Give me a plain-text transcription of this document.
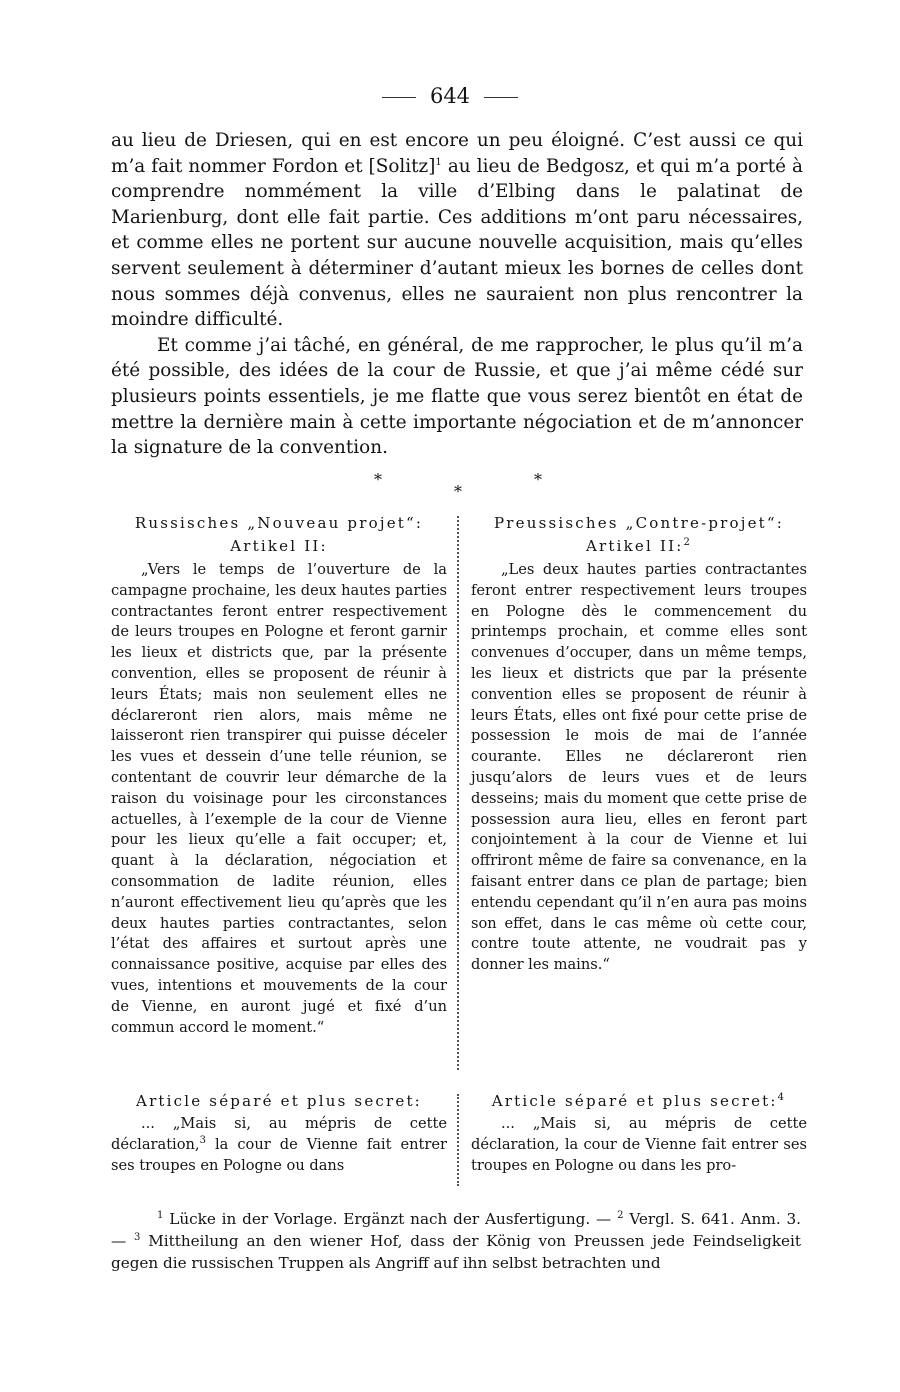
644

au lieu de Driesen, qui en est encore un peu éloigné. C’est aussi ce qui m’a fait nommer Fordon et [Solitz]$^1$ au lieu de Bedgosz, et qui m’a porté à comprendre nommément la ville d’Elbing dans le palatinat de Marienburg, dont elle fait partie. Ces additions m’ont paru nécessaires, et comme elles ne portent sur aucune nouvelle acquisition, mais qu’elles servent seulement à déterminer d’autant mieux les bornes de celles dont nous sommes déjà convenus, elles ne sauraient non plus rencontrer la moindre difficulté.

Et comme j’ai tâché, en général, de me rapprocher, le plus qu’il m’a été possible, des idées de la cour de Russie, et que j’ai même cédé sur plusieurs points essentiels, je me flatte que vous serez bientôt en état de mettre la dernière main à cette importante négociation et de m’annoncer la signature de la convention.

*
*
*
Russisches „Nouveau projet“:
Artikel II:
„Vers le temps de l’ouverture de la campagne prochaine, les deux hautes parties contractantes feront entrer respectivement de leurs troupes en Pologne et feront garnir les lieux et districts que, par la présente convention, elles se proposent de réunir à leurs États; mais non seulement elles ne déclareront rien alors, mais même ne laisseront rien transpirer qui puisse déceler les vues et dessein d’une telle réunion, se contentant de couvrir leur démarche de la raison du voisinage pour les circonstances actuelles, à l’exemple de la cour de Vienne pour les lieux qu’elle a fait occuper; et, quant à la déclaration, négociation et consommation de ladite réunion, elles n’auront effectivement lieu qu’après que les deux hautes parties contractantes, selon l’état des affaires et surtout après une connaissance positive, acquise par elles des vues, intentions et mouvements de la cour de Vienne, en auront jugé et fixé d’un commun accord le moment.“
Preussisches „Contre-projet“:
Artikel II:$^2$
„Les deux hautes parties contractantes feront entrer respectivement leurs troupes en Pologne dès le commencement du printemps prochain, et comme elles sont convenues d’occuper, dans un même temps, les lieux et districts que par la présente convention elles se proposent de réunir à leurs États, elles ont fixé pour cette prise de possession le mois de mai de l’année courante. Elles ne déclareront rien jusqu’alors de leurs vues et de leurs desseins; mais du moment que cette prise de possession aura lieu, elles en feront part conjointement à la cour de Vienne et lui offriront même de faire sa convenance, en la faisant entrer dans ce plan de partage; bien entendu cependant qu’il n’en aura pas moins son effet, dans le cas même où cette cour, contre toute attente, ne voudrait pas y donner les mains.“
Article séparé et plus secret:
... „Mais si, au mépris de cette déclaration,$^3$ la cour de Vienne fait entrer ses troupes en Pologne ou dans
Article séparé et plus secret:$^4$
... „Mais si, au mépris de cette déclaration, la cour de Vienne fait entrer ses troupes en Pologne ou dans les pro-
$^1$ Lücke in der Vorlage. Ergänzt nach der Ausfertigung. — $^2$ Vergl. S. 641. Anm. 3. — $^3$ Mittheilung an den wiener Hof, dass der König von Preussen jede Feindseligkeit gegen die russischen Truppen als Angriff auf ihn selbst betrachten und
